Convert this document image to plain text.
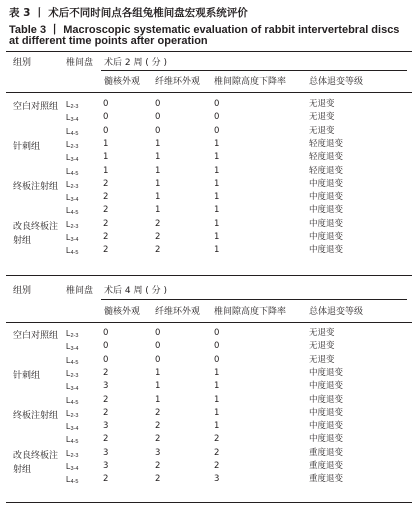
表 3 丨 术后不同时间点各组兔椎间盘宏观系统评价
Table 3 丨 Macroscopic systematic evaluation of rabbit intervertebral discs
at different time points after operation
组别	椎间盘 术后 2 周 ( 分 )
髓核外观 纤维环外观 椎间隙高度下降率	总体退变等级
空白对照组 $L_{2-3}$	0	0	0	无退变
$L_{3-4}$	0	0	0	无退变
$L_{4-5}$	0	0	0	无退变
针刺组	$L_{2-3}$	1	1	1	轻度退变
$L_{3-4}$	1	1	1	轻度退变
$L_{4-5}$	1	1	1	轻度退变
终板注射组 $L_{2-3}$	2	1	1	中度退变
$L_{3-4}$	2	1	1	中度退变
$L_{4-5}$	2	1	1	中度退变
改良终板注射组
$L_{2-3}$	2	2	1	中度退变
$L_{3-4}$	2	2	1	中度退变
$L_{4-5}$	2	2	1	中度退变
组别	椎间盘 术后 4 周 ( 分 )
髓核外观 纤维环外观 椎间隙高度下降率	总体退变等级
空白对照组 $L_{2-3}$	0	0	0	无退变
$L_{3-4}$	0	0	0	无退变
$L_{4-5}$	0	0	0	无退变
针刺组	$L_{2-3}$	2	1	1	中度退变
$L_{3-4}$	3	1	1	中度退变
$L_{4-5}$	2	1	1	中度退变
终板注射组 $L_{2-3}$	2	2	1	中度退变
$L_{3-4}$	3	2	1	中度退变
$L_{4-5}$	2	2	2	中度退变
改良终板注射组
$L_{2-3}$	3	3	2	重度退变
$L_{3-4}$	3	2	2	重度退变
$L_{4-5}$	2	2	3	重度退变
